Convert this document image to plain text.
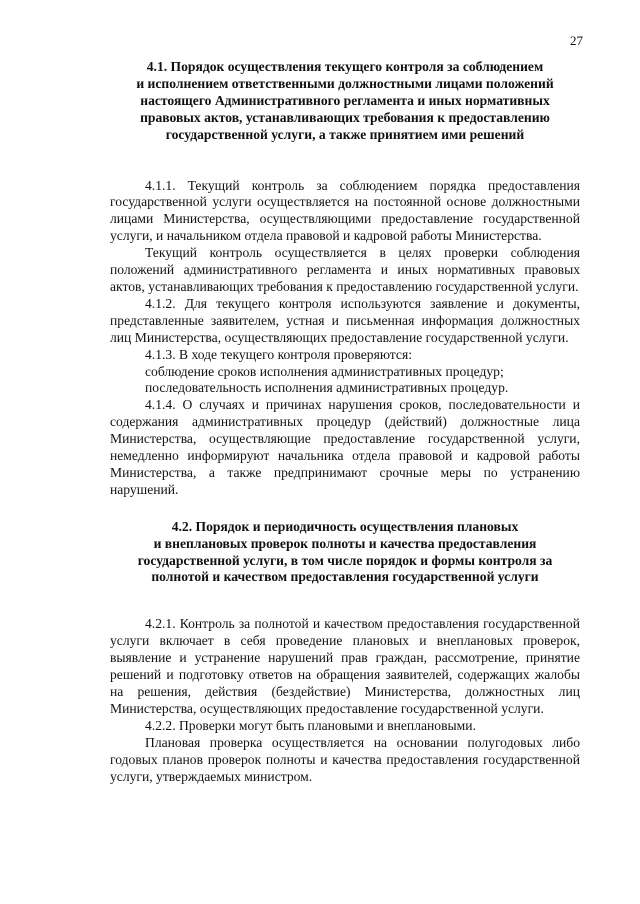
27
4.1. Порядок осуществления текущего контроля за соблюдением
и исполнением ответственными должностными лицами положений
настоящего Административного регламента и иных нормативных
правовых актов, устанавливающих требования к предоставлению
государственной услуги, а также принятием ими решений

4.1.1. Текущий контроль за соблюдением порядка предоставления государственной услуги осуществляется на постоянной основе должностными лицами Министерства, осуществляющими предоставление государственной услуги, и начальником отдела правовой и кадровой работы Министерства.

Текущий контроль осуществляется в целях проверки соблюдения положений административного регламента и иных нормативных правовых актов, устанавливающих требования к предоставлению государственной услуги.

4.1.2. Для текущего контроля используются заявление и документы, представленные заявителем, устная и письменная информация должностных лиц Министерства, осуществляющих предоставление государственной услуги.

4.1.3. В ходе текущего контроля проверяются:

соблюдение сроков исполнения административных процедур;

последовательность исполнения административных процедур.

4.1.4. О случаях и причинах нарушения сроков, последовательности и содержания административных процедур (действий) должностные лица Министерства, осуществляющие предоставление государственной услуги, немедленно информируют начальника отдела правовой и кадровой работы Министерства, а также предпринимают срочные меры по устранению нарушений.

4.2. Порядок и периодичность осуществления плановых
и внеплановых проверок полноты и качества предоставления
государственной услуги, в том числе порядок и формы контроля за
полнотой и качеством предоставления государственной услуги

4.2.1. Контроль за полнотой и качеством предоставления государственной услуги включает в себя проведение плановых и внеплановых проверок, выявление и устранение нарушений прав граждан, рассмотрение, принятие решений и подготовку ответов на обращения заявителей, содержащих жалобы на решения, действия (бездействие) Министерства, должностных лиц Министерства, осуществляющих предоставление государственной услуги.

4.2.2. Проверки могут быть плановыми и внеплановыми.

Плановая проверка осуществляется на основании полугодовых либо годовых планов проверок полноты и качества предоставления государственной услуги, утверждаемых министром.
